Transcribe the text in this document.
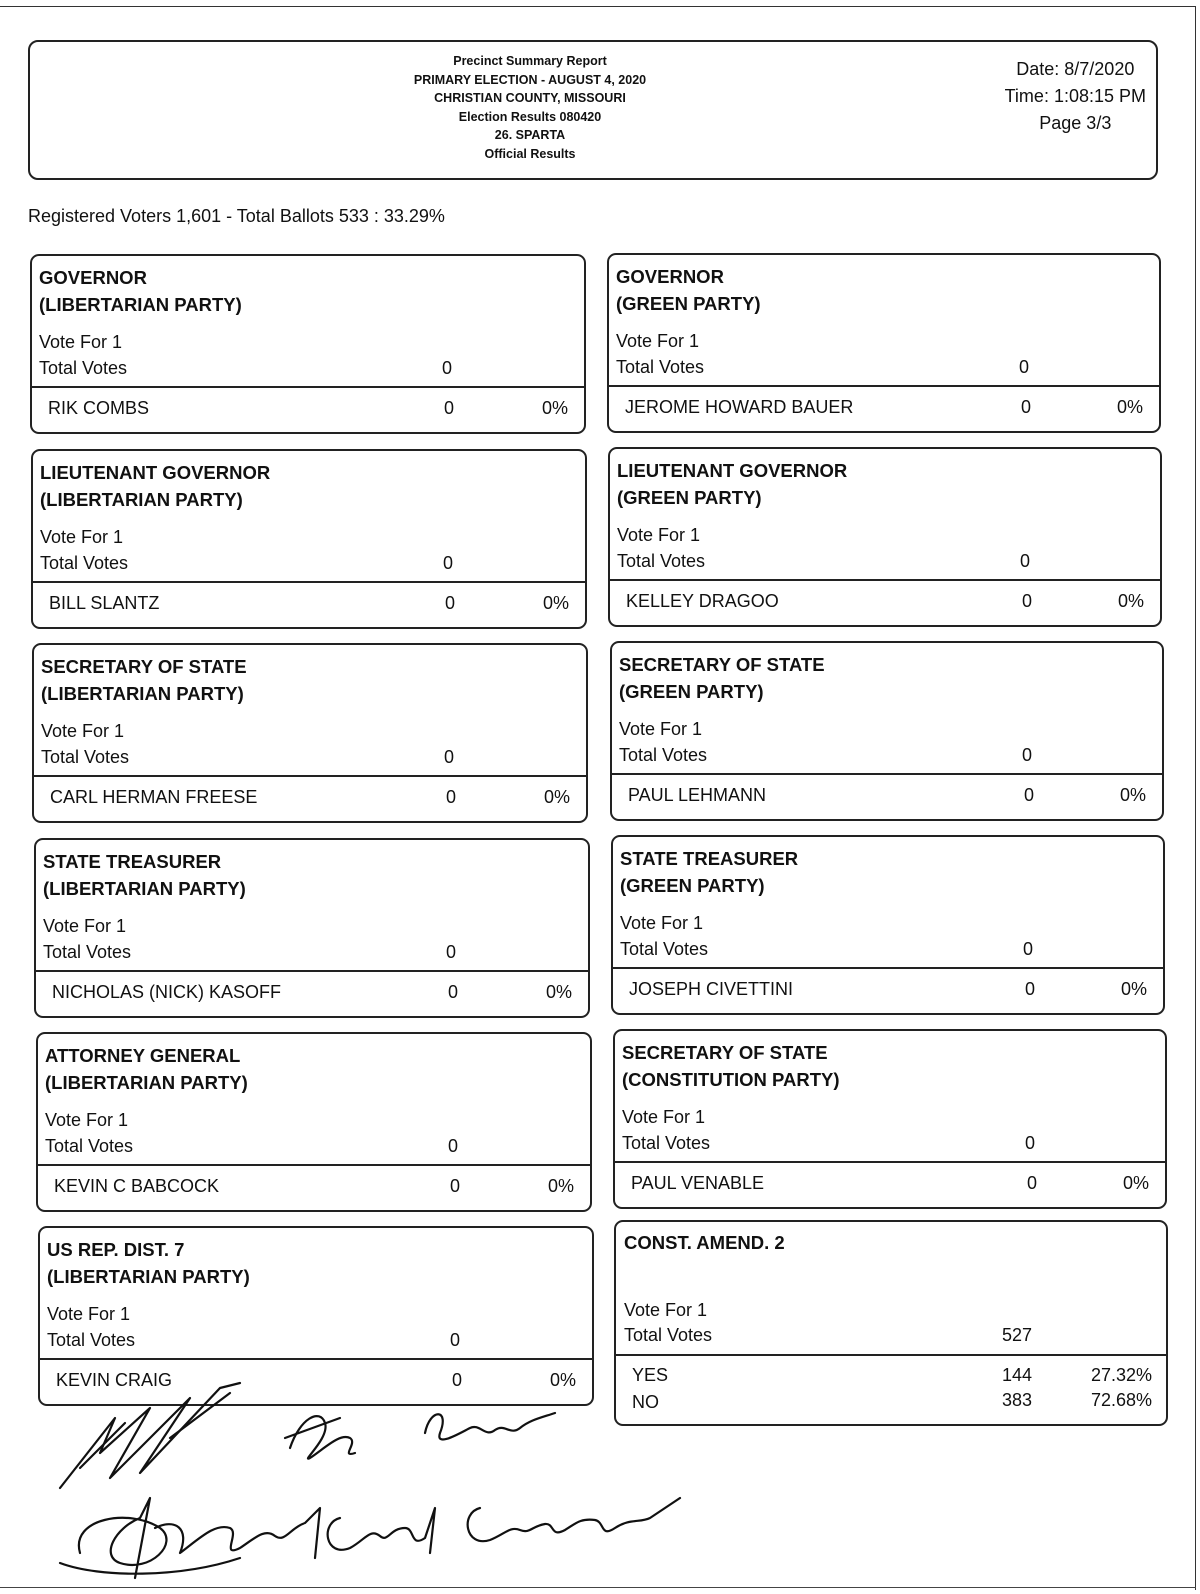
Precinct Summary Report
PRIMARY ELECTION - AUGUST 4, 2020
CHRISTIAN COUNTY, MISSOURI
Election Results 080420
26. SPARTA
Official Results
Date: 8/7/2020
Time: 1:08:15 PM
Page 3/3
Registered Voters 1,601 - Total Ballots 533 : 33.29%
GOVERNOR
(LIBERTARIAN PARTY)
Vote For 1
Total Votes	0
RIK COMBS	0	0%
GOVERNOR
(GREEN PARTY)
Vote For 1
Total Votes	0
JEROME HOWARD BAUER	0	0%
LIEUTENANT GOVERNOR
(LIBERTARIAN PARTY)
Vote For 1
Total Votes	0
BILL SLANTZ	0	0%
LIEUTENANT GOVERNOR
(GREEN PARTY)
Vote For 1
Total Votes	0
KELLEY DRAGOO	0	0%
SECRETARY OF STATE
(LIBERTARIAN PARTY)
Vote For 1
Total Votes	0
CARL HERMAN FREESE	0	0%
SECRETARY OF STATE
(GREEN PARTY)
Vote For 1
Total Votes	0
PAUL LEHMANN	0	0%
STATE TREASURER
(LIBERTARIAN PARTY)
Vote For 1
Total Votes	0
NICHOLAS (NICK) KASOFF	0	0%
STATE TREASURER
(GREEN PARTY)
Vote For 1
Total Votes	0
JOSEPH CIVETTINI	0	0%
ATTORNEY GENERAL
(LIBERTARIAN PARTY)
Vote For 1
Total Votes	0
KEVIN C BABCOCK	0	0%
SECRETARY OF STATE
(CONSTITUTION PARTY)
Vote For 1
Total Votes	0
PAUL VENABLE	0	0%
US REP. DIST. 7
(LIBERTARIAN PARTY)
Vote For 1
Total Votes	0
KEVIN CRAIG	0	0%
CONST. AMEND. 2
Vote For 1
Total Votes	527
YES	144	27.32%
NO	383	72.68%
